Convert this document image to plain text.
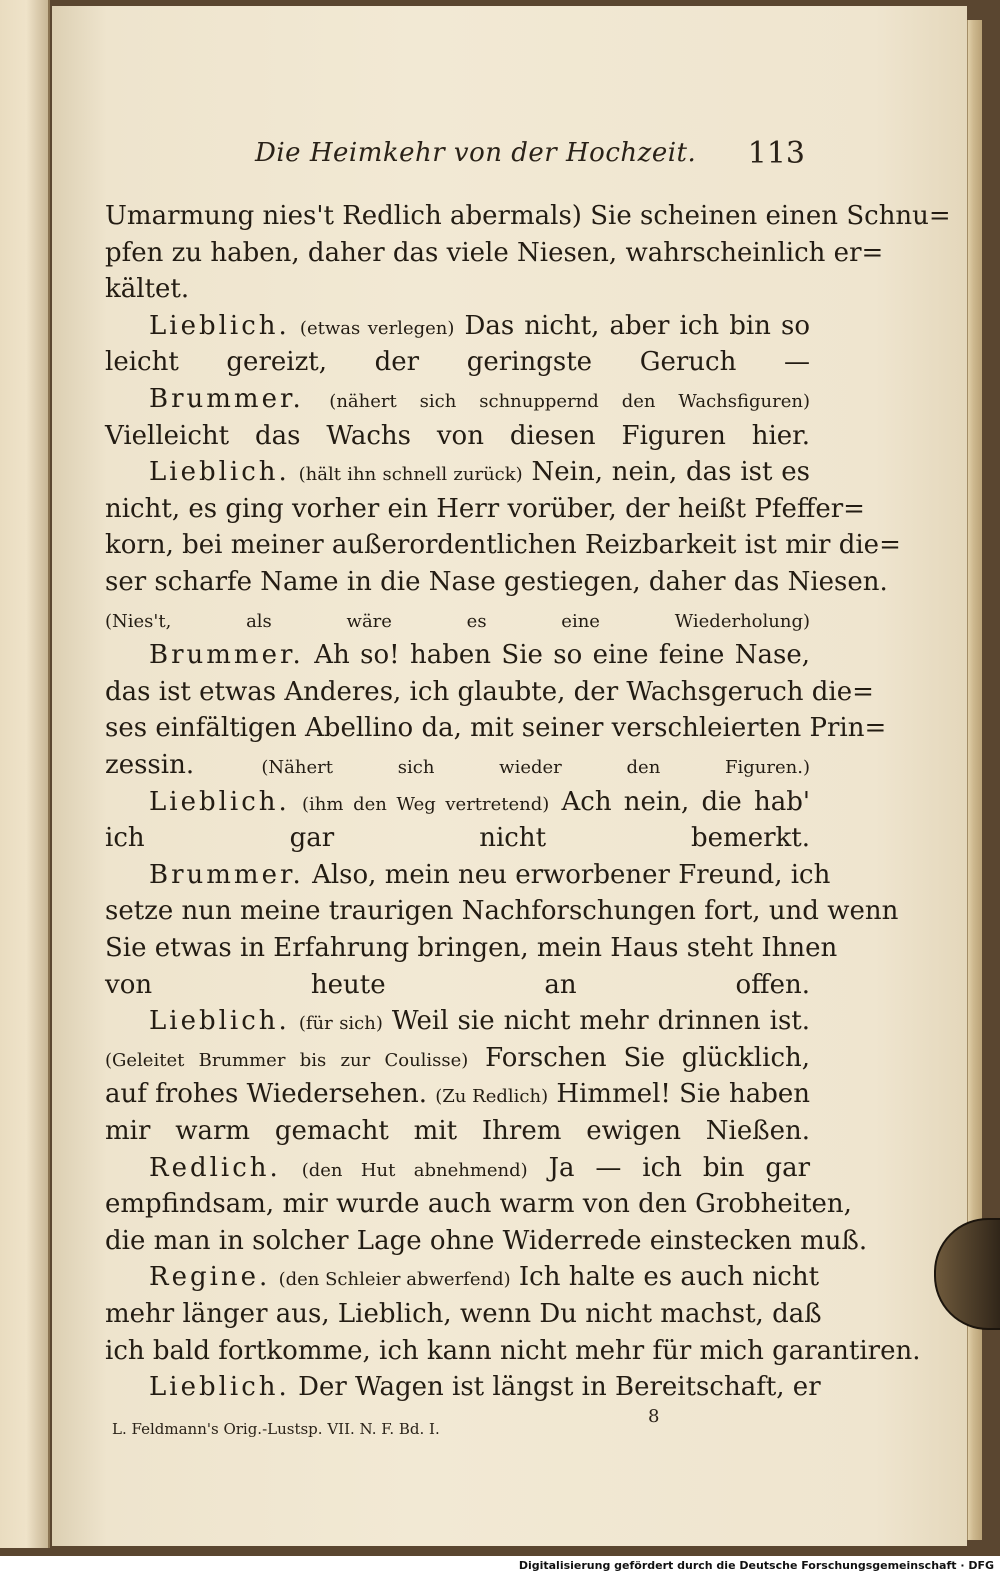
Die Heimkehr von der Hochzeit. 113
Umarmung nies't Redlich abermals) Sie scheinen einen Schnu=
pfen zu haben, daher das viele Niesen, wahrscheinlich er=
kältet.
Lieblich. (etwas verlegen) Das nicht, aber ich bin so
leicht gereizt, der geringste Geruch —
Brummer. (nähert sich schnuppernd den Wachsfiguren)
Vielleicht das Wachs von diesen Figuren hier.
Lieblich. (hält ihn schnell zurück) Nein, nein, das ist es
nicht, es ging vorher ein Herr vorüber, der heißt Pfeffer=
korn, bei meiner außerordentlichen Reizbarkeit ist mir die=
ser scharfe Name in die Nase gestiegen, daher das Niesen.
(Nies't, als wäre es eine Wiederholung)
Brummer. Ah so! haben Sie so eine feine Nase,
das ist etwas Anderes, ich glaubte, der Wachsgeruch die=
ses einfältigen Abellino da, mit seiner verschleierten Prin=
zessin.	(Nähert sich wieder den Figuren.)
Lieblich. (ihm den Weg vertretend) Ach nein, die hab'
ich gar nicht bemerkt.
Brummer. Also, mein neu erworbener Freund, ich
setze nun meine traurigen Nachforschungen fort, und wenn
Sie etwas in Erfahrung bringen, mein Haus steht Ihnen
von heute an offen.
Lieblich. (für sich) Weil sie nicht mehr drinnen ist.
(Geleitet Brummer bis zur Coulisse) Forschen Sie glücklich,
auf frohes Wiedersehen. (Zu Redlich) Himmel! Sie haben
mir warm gemacht mit Ihrem ewigen Nießen.
Redlich. (den Hut abnehmend) Ja — ich bin gar
empfindsam, mir wurde auch warm von den Grobheiten,
die man in solcher Lage ohne Widerrede einstecken muß.
Regine. (den Schleier abwerfend) Ich halte es auch nicht
mehr länger aus, Lieblich, wenn Du nicht machst, daß
ich bald fortkomme, ich kann nicht mehr für mich garantiren.
Lieblich. Der Wagen ist längst in Bereitschaft, er
L. Feldmann's Orig.-Lustsp. VII. N. F. Bd. I.
8
Digitalisierung gefördert durch die Deutsche Forschungsgemeinschaft · DFG
